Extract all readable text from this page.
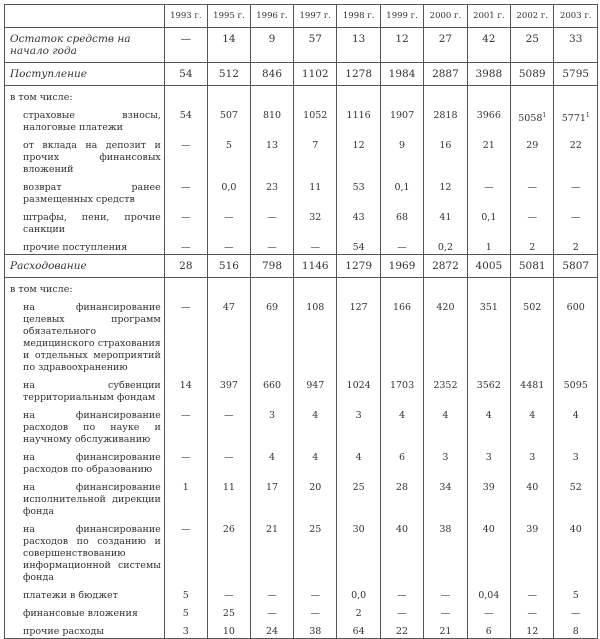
	1993 г.	1995 г.	1996 г.	1997 г.	1998 г.	1999 г.	2000 г.	2001 г.	2002 г.	2003 г.
Остаток средств на начало года	—	14	9	57	13	12	27	42	25	33
Поступление	54	512	846	1102	1278	1984	2887	3988	5089	5795
в том числе:										
страховые взносы, налоговые платежи	54	507	810	1052	1116	1907	2818	3966	5058$^1$	5771$^1$
от вклада на депозит и прочих финансовых вложений	—	5	13	7	12	9	16	21	29	22
возврат ранее размещенных средств	—	0,0	23	11	53	0,1	12	—	—	—
штрафы, пени, прочие санкции	—	—	—	32	43	68	41	0,1	—	—
прочие поступления	—	—	—	—	54	—	0,2	1	2	2
Расходование	28	516	798	1146	1279	1969	2872	4005	5081	5807
в том числе:										
на финансирование целевых программ обязательного медицинского страхования и отдельных мероприятий по здравоохранению	—	47	69	108	127	166	420	351	502	600
на субвенции территориальным фондам	14	397	660	947	1024	1703	2352	3562	4481	5095
на финансирование расходов по науке и научному обслуживанию	—	—	3	4	3	4	4	4	4	4
на финансирование расходов по образованию	—	—	4	4	4	6	3	3	3	3
на финансирование исполнительной дирекции фонда	1	11	17	20	25	28	34	39	40	52
на финансирование расходов по созданию и совершенствованию информационной системы фонда	—	26	21	25	30	40	38	40	39	40
платежи в бюджет	5	—	—	—	0,0	—	—	0,04	—	5
финансовые вложения	5	25	—	—	2	—	—	—	—	—
прочие расходы	3	10	24	38	64	22	21	6	12	8
